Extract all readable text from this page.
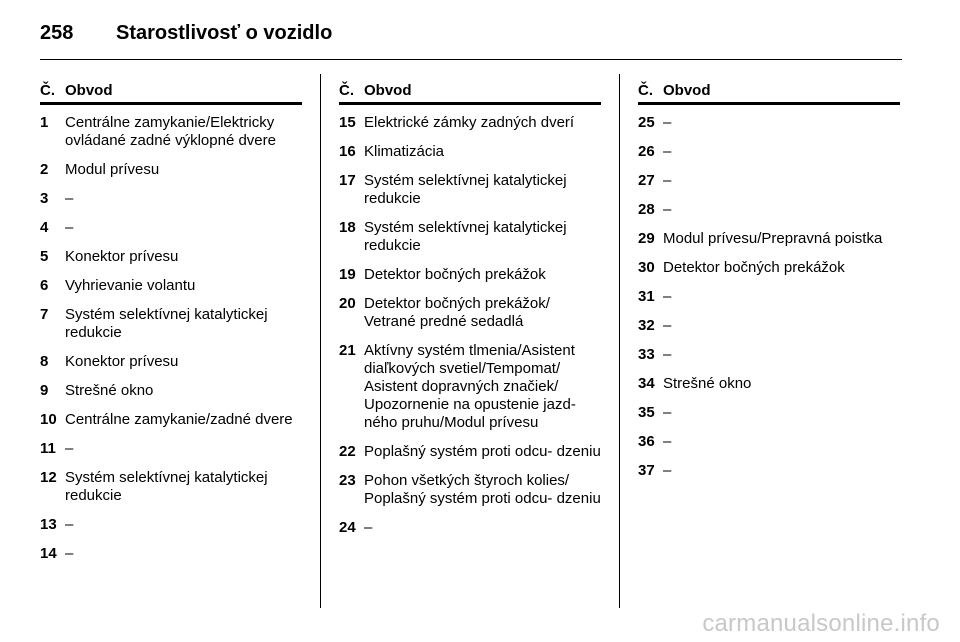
258	Starostlivosť o vozidlo
Č. Obvod
1	Centrálne zamykanie/Elektricky ovládané zadné výklopné dvere
2	Modul prívesu
3	–
4	–
5	Konektor prívesu
6	Vyhrievanie volantu
7	Systém selektívnej katalytickej redukcie
8	Konektor prívesu
9	Strešné okno
10 Centrálne zamykanie/zadné dvere
11 –
12 Systém selektívnej katalytickej redukcie
13 –
14 –
Č. Obvod
15 Elektrické zámky zadných dverí
16 Klimatizácia
17 Systém selektívnej katalytickej redukcie
18 Systém selektívnej katalytickej redukcie
19 Detektor bočných prekážok
20 Detektor bočných prekážok/ Vetrané predné sedadlá
21 Aktívny systém tlmenia/Asistent diaľkových svetiel/Tempomat/ Asistent dopravných značiek/ Upozornenie na opustenie jazd- ného pruhu/Modul prívesu
22 Poplašný systém proti odcu- dzeniu
23 Pohon všetkých štyroch kolies/ Poplašný systém proti odcu- dzeniu
24 –
Č. Obvod
25 –
26 –
27 –
28 –
29 Modul prívesu/Prepravná poistka
30 Detektor bočných prekážok
31 –
32 –
33 –
34 Strešné okno
35 –
36 –
37 –
carmanualsonline.info
